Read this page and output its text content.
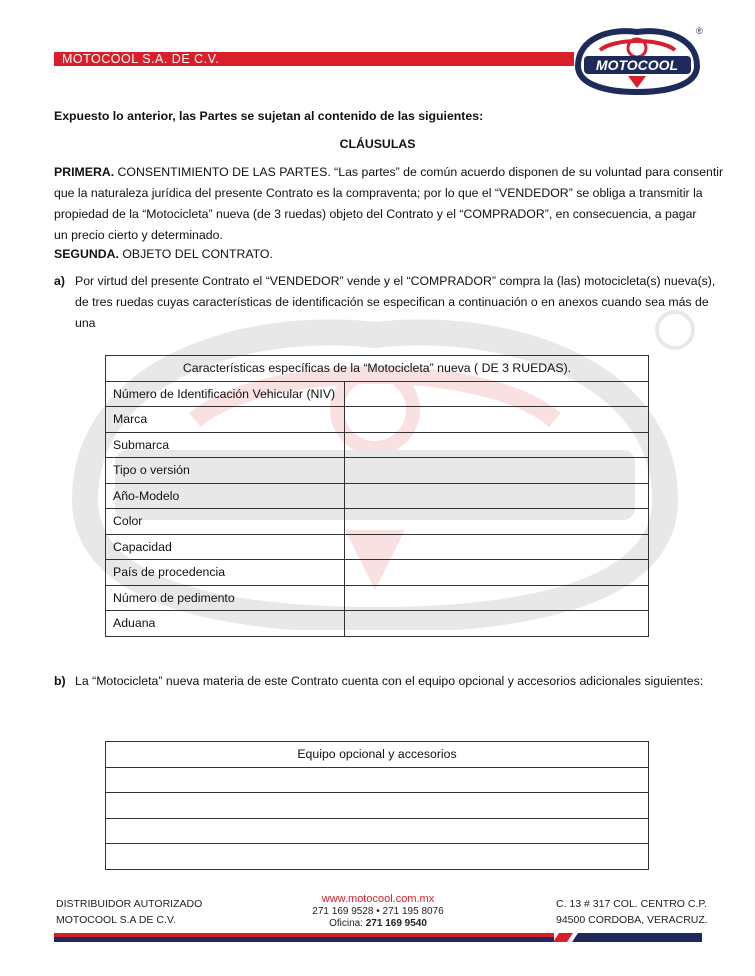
MOTOCOOL S.A. DE C.V.	MOTOCOOL
®
Expuesto lo anterior, las Partes se sujetan al contenido de las siguientes:
CLÁUSULAS
PRIMERA. CONSENTIMIENTO DE LAS PARTES. “Las partes” de común acuerdo disponen de su voluntad para consentir
que la naturaleza jurídica del presente Contrato es la compraventa; por lo que el “VENDEDOR” se obliga a transmitir la
propiedad de la “Motocicleta” nueva (de 3 ruedas) objeto del Contrato y el “COMPRADOR”, en consecuencia, a pagar
un precio cierto y determinado.
SEGUNDA. OBJETO DEL CONTRATO.
a) Por virtud del presente Contrato el “VENDEDOR” vende y el “COMPRADOR” compra la (las) motocicleta(s) nueva(s),
de tres ruedas cuyas características de identificación se especifican a continuación o en anexos cuando sea más de
una
Características específicas de la “Motocicleta” nueva ( DE 3 RUEDAS).	
Número de Identificación Vehicular (NIV)	
Marca	
Submarca	
Tipo o versión	
Año-Modelo	
Color	
Capacidad	
País de procedencia	
Número de pedimento	
Aduana	
b) La “Motocicleta” nueva materia de este Contrato cuenta con el equipo opcional y accesorios adicionales siguientes:
Equipo opcional y accesorios

DISTRIBUIDOR AUTORIZADO
MOTOCOOL S.A DE C.V.
www.motocool.com.mx
271 169 9528 • 271 195 8076
Oficina: 271 169 9540
C. 13 # 317 COL. CENTRO C.P.
94500 CORDOBA, VERACRUZ.
